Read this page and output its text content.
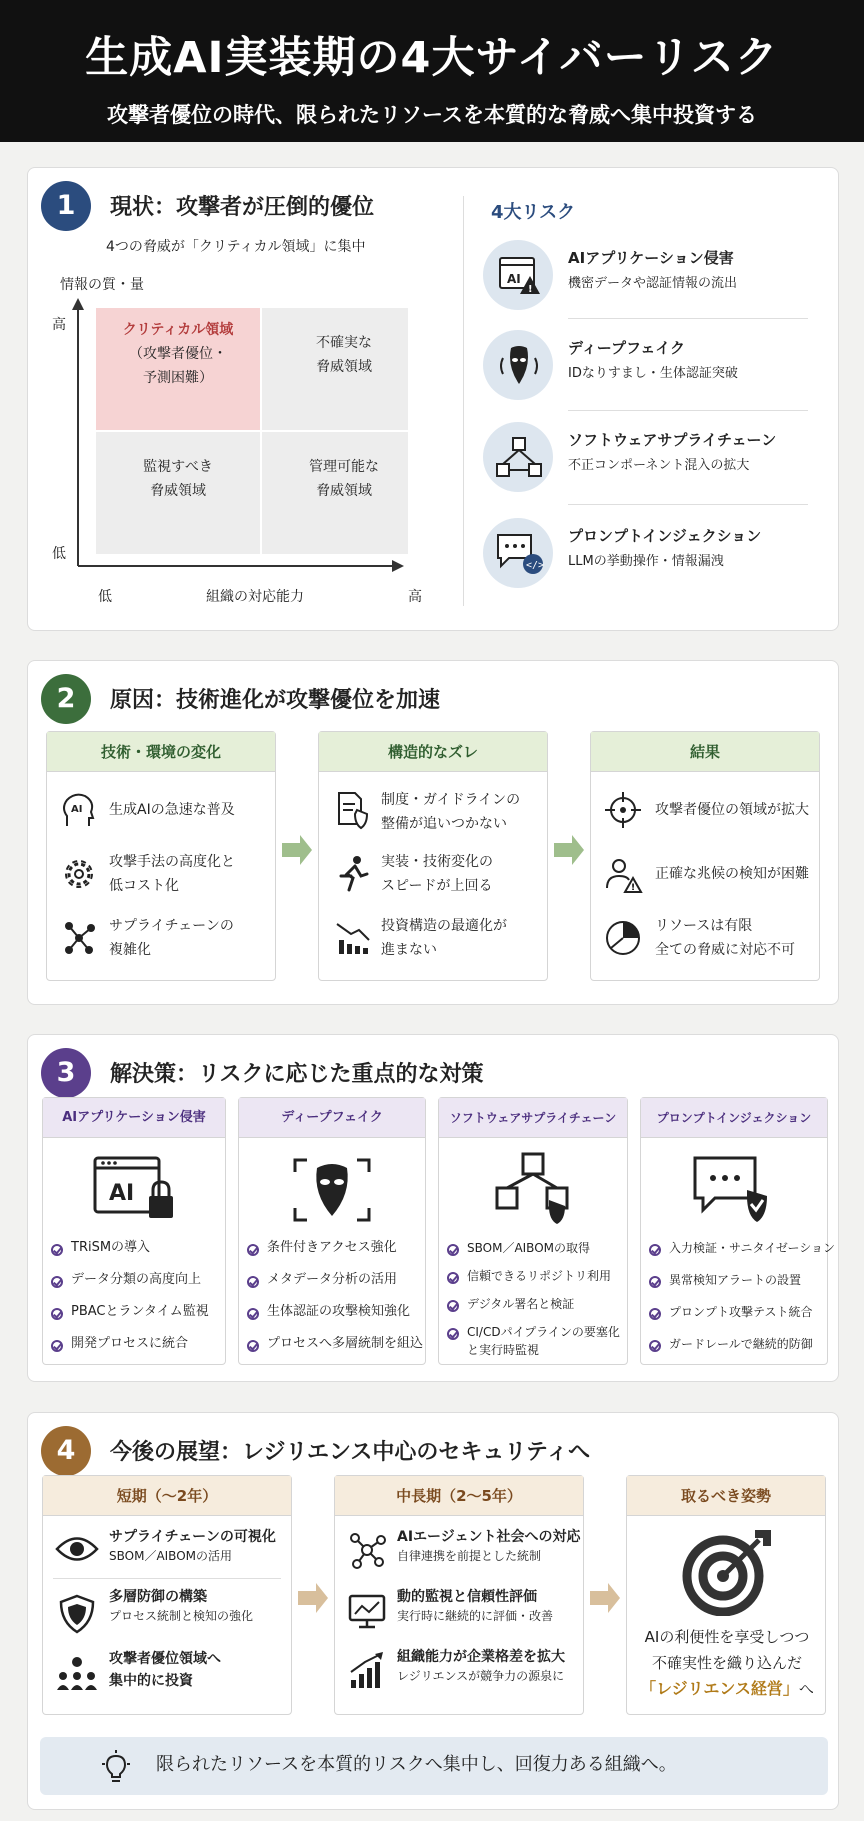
生成AI実装期の4大サイバーリスク
攻撃者優位の時代、限られたリソースを本質的な脅威へ集中投資する
1	現状：攻撃者が圧倒的優位
4つの脅威が「クリティカル領域」に集中
情報の質・量
高
低
低	組織の対応能力	高
クリティカル領域
（攻撃者優位・
予測困難）
不確実な
脅威領域
監視すべき
脅威領域
管理可能な
脅威領域
4大リスク
AI
!
AIアプリケーション侵害
機密データや認証情報の流出
ディープフェイク
IDなりすまし・生体認証突破
ソフトウェアサプライチェーン
不正コンポーネント混入の拡大
</>
プロンプトインジェクション
LLMの挙動操作・情報漏洩
2	原因：技術進化が攻撃優位を加速
技術・環境の変化
AI 生成AIの急速な普及
攻撃手法の高度化と
低コスト化
サプライチェーンの
複雑化
構造的なズレ
制度・ガイドラインの
整備が追いつかない
実装・技術変化の
スピードが上回る
投資構造の最適化が
進まない
結果
攻撃者優位の領域が拡大
!
正確な兆候の検知が困難
リソースは有限
全ての脅威に対応不可
3	解決策：リスクに応じた重点的な対策
AIアプリケーション侵害
AI
TRiSMの導入
データ分類の高度向上
PBACとランタイム監視
開発プロセスに統合
ディープフェイク
条件付きアクセス強化
メタデータ分析の活用
生体認証の攻撃検知強化
プロセスへ多層統制を組込
ソフトウェアサプライチェーン
SBOM／AIBOMの取得
信頼できるリポジトリ利用
デジタル署名と検証
CI/CDパイプラインの要塞化
と実行時監視
プロンプトインジェクション
入力検証・サニタイゼーション
異常検知アラートの設置
プロンプト攻撃テスト統合
ガードレールで継続的防御
4	今後の展望：レジリエンス中心のセキュリティへ
短期（〜2年）
サプライチェーンの可視化
SBOM／AIBOMの活用
多層防御の構築
プロセス統制と検知の強化
攻撃者優位領域へ
集中的に投資
中長期（2〜5年）
AIエージェント社会への対応
自律連携を前提とした統制
動的監視と信頼性評価
実行時に継続的に評価・改善
組織能力が企業格差を拡大
レジリエンスが競争力の源泉に
取るべき姿勢
AIの利便性を享受しつつ
不確実性を織り込んだ
「レジリエンス経営」へ
限られたリソースを本質的リスクへ集中し、回復力ある組織へ。
